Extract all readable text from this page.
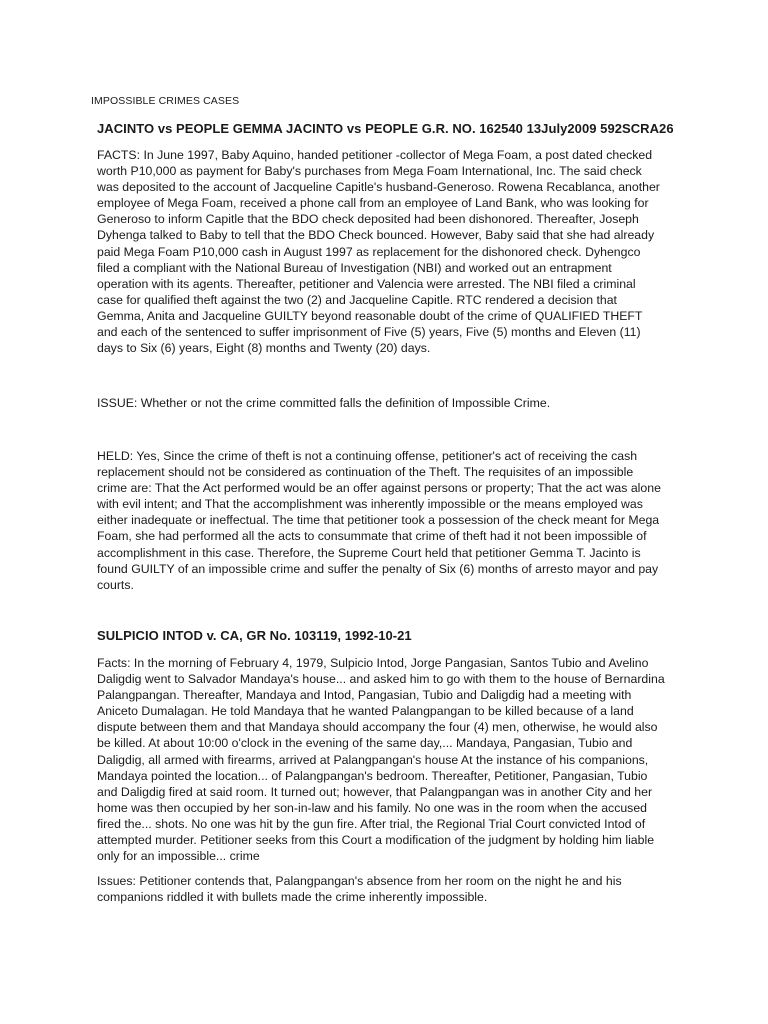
IMPOSSIBLE CRIMES CASES

JACINTO vs PEOPLE GEMMA JACINTO vs PEOPLE G.R. NO. 162540 13July2009 592SCRA26

FACTS: In June 1997, Baby Aquino, handed petitioner -collector of Mega Foam, a post dated checked
worth P10,000 as payment for Baby's purchases from Mega Foam International, Inc. The said check
was deposited to the account of Jacqueline Capitle's husband-Generoso. Rowena Recablanca, another
employee of Mega Foam, received a phone call from an employee of Land Bank, who was looking for
Generoso to inform Capitle that the BDO check deposited had been dishonored. Thereafter, Joseph
Dyhenga talked to Baby to tell that the BDO Check bounced. However, Baby said that she had already
paid Mega Foam P10,000 cash in August 1997 as replacement for the dishonored check. Dyhengco
filed a compliant with the National Bureau of Investigation (NBI) and worked out an entrapment
operation with its agents. Thereafter, petitioner and Valencia were arrested. The NBI filed a criminal
case for qualified theft against the two (2) and Jacqueline Capitle. RTC rendered a decision that
Gemma, Anita and Jacqueline GUILTY beyond reasonable doubt of the crime of QUALIFIED THEFT
and each of the sentenced to suffer imprisonment of Five (5) years, Five (5) months and Eleven (11)
days to Six (6) years, Eight (8) months and Twenty (20) days.

ISSUE: Whether or not the crime committed falls the definition of Impossible Crime.

HELD: Yes, Since the crime of theft is not a continuing offense, petitioner's act of receiving the cash
replacement should not be considered as continuation of the Theft. The requisites of an impossible
crime are: That the Act performed would be an offer against persons or property; That the act was alone
with evil intent; and That the accomplishment was inherently impossible or the means employed was
either inadequate or ineffectual. The time that petitioner took a possession of the check meant for Mega
Foam, she had performed all the acts to consummate that crime of theft had it not been impossible of
accomplishment in this case. Therefore, the Supreme Court held that petitioner Gemma T. Jacinto is
found GUILTY of an impossible crime and suffer the penalty of Six (6) months of arresto mayor and pay
courts.

SULPICIO INTOD v. CA, GR No. 103119, 1992-10-21

Facts: In the morning of February 4, 1979, Sulpicio Intod, Jorge Pangasian, Santos Tubio and Avelino
Daligdig went to Salvador Mandaya's house... and asked him to go with them to the house of Bernardina
Palangpangan. Thereafter, Mandaya and Intod, Pangasian, Tubio and Daligdig had a meeting with
Aniceto Dumalagan. He told Mandaya that he wanted Palangpangan to be killed because of a land
dispute between them and that Mandaya should accompany the four (4) men, otherwise, he would also
be killed. At about 10:00 o'clock in the evening of the same day,... Mandaya, Pangasian, Tubio and
Daligdig, all armed with firearms, arrived at Palangpangan's house At the instance of his companions,
Mandaya pointed the location... of Palangpangan's bedroom. Thereafter, Petitioner, Pangasian, Tubio
and Daligdig fired at said room. It turned out; however, that Palangpangan was in another City and her
home was then occupied by her son-in-law and his family. No one was in the room when the accused
fired the... shots. No one was hit by the gun fire. After trial, the Regional Trial Court convicted Intod of
attempted murder. Petitioner seeks from this Court a modification of the judgment by holding him liable
only for an impossible... crime

Issues: Petitioner contends that, Palangpangan's absence from her room on the night he and his
companions riddled it with bullets made the crime inherently impossible.
